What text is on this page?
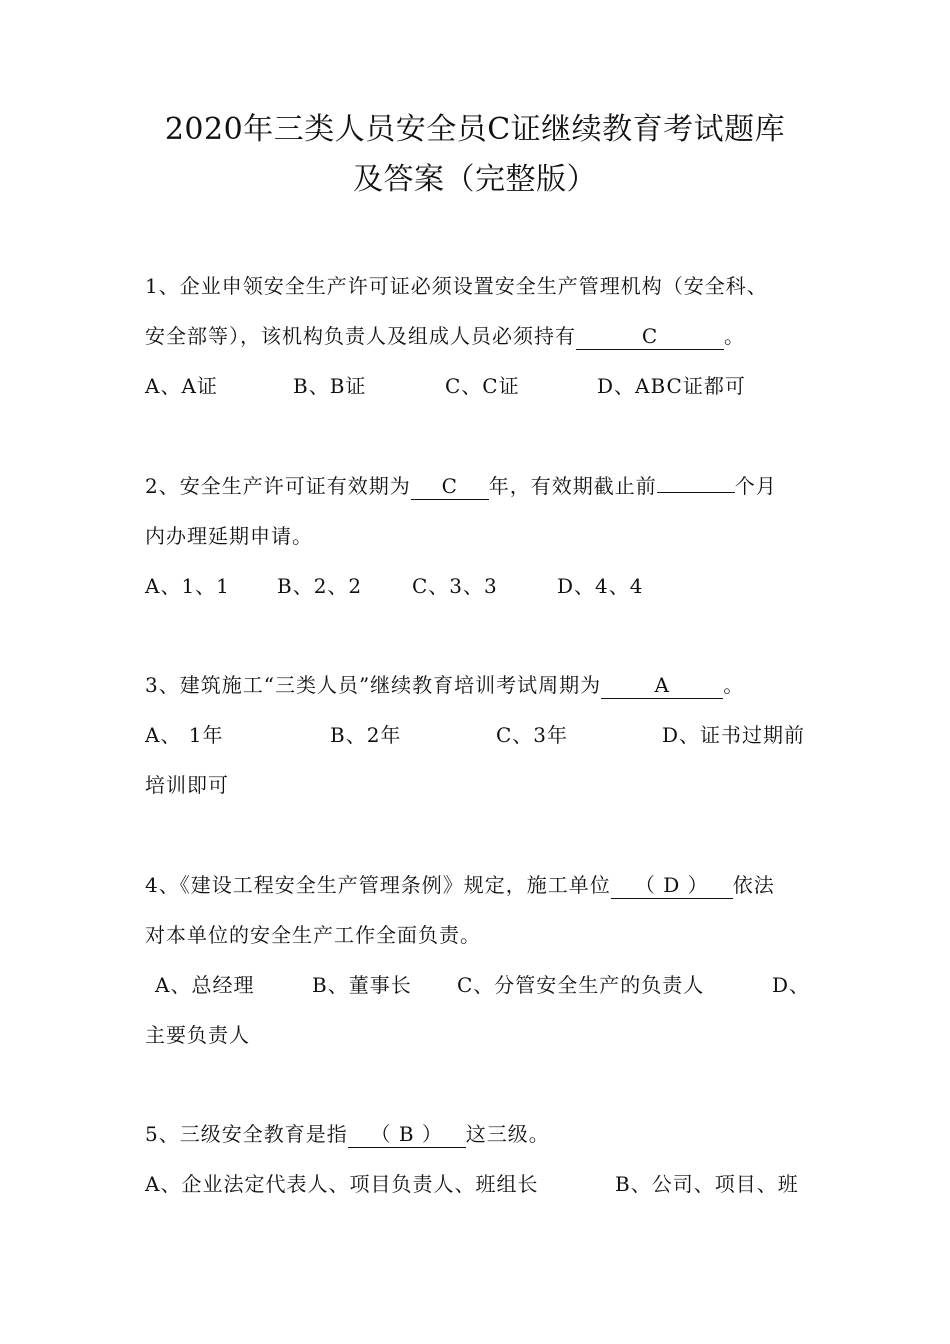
2020年三类人员安全员C证继续教育考试题库
及答案（完整版）
1、企业申领安全生产许可证必须设置安全生产管理机构（安全科、
安全部等），该机构负责人及组成人员必须持有	C	。
A、A证	B、B证	C、C证	D、ABC证都可
2、安全生产许可证有效期为 C 年，有效期截止前	个月
内办理延期申请。
A、1、1 B、2、2 C、3、3	D、4、4
3、建筑施工“三类人员”继续教育培训考试周期为	A	。
A、 1年	B、2年	C、3年	D、证书过期前
培训即可
4、《建设工程安全生产管理条例》规定，施工单位 （ D ） 依法
对本单位的安全生产工作全面负责。
A、总经理	B、董事长 C、分管安全生产的负责人	D、
主要负责人
5、三级安全教育是指 （ B ） 这三级。
A、企业法定代表人、项目负责人、班组长	B、公司、项目、班
